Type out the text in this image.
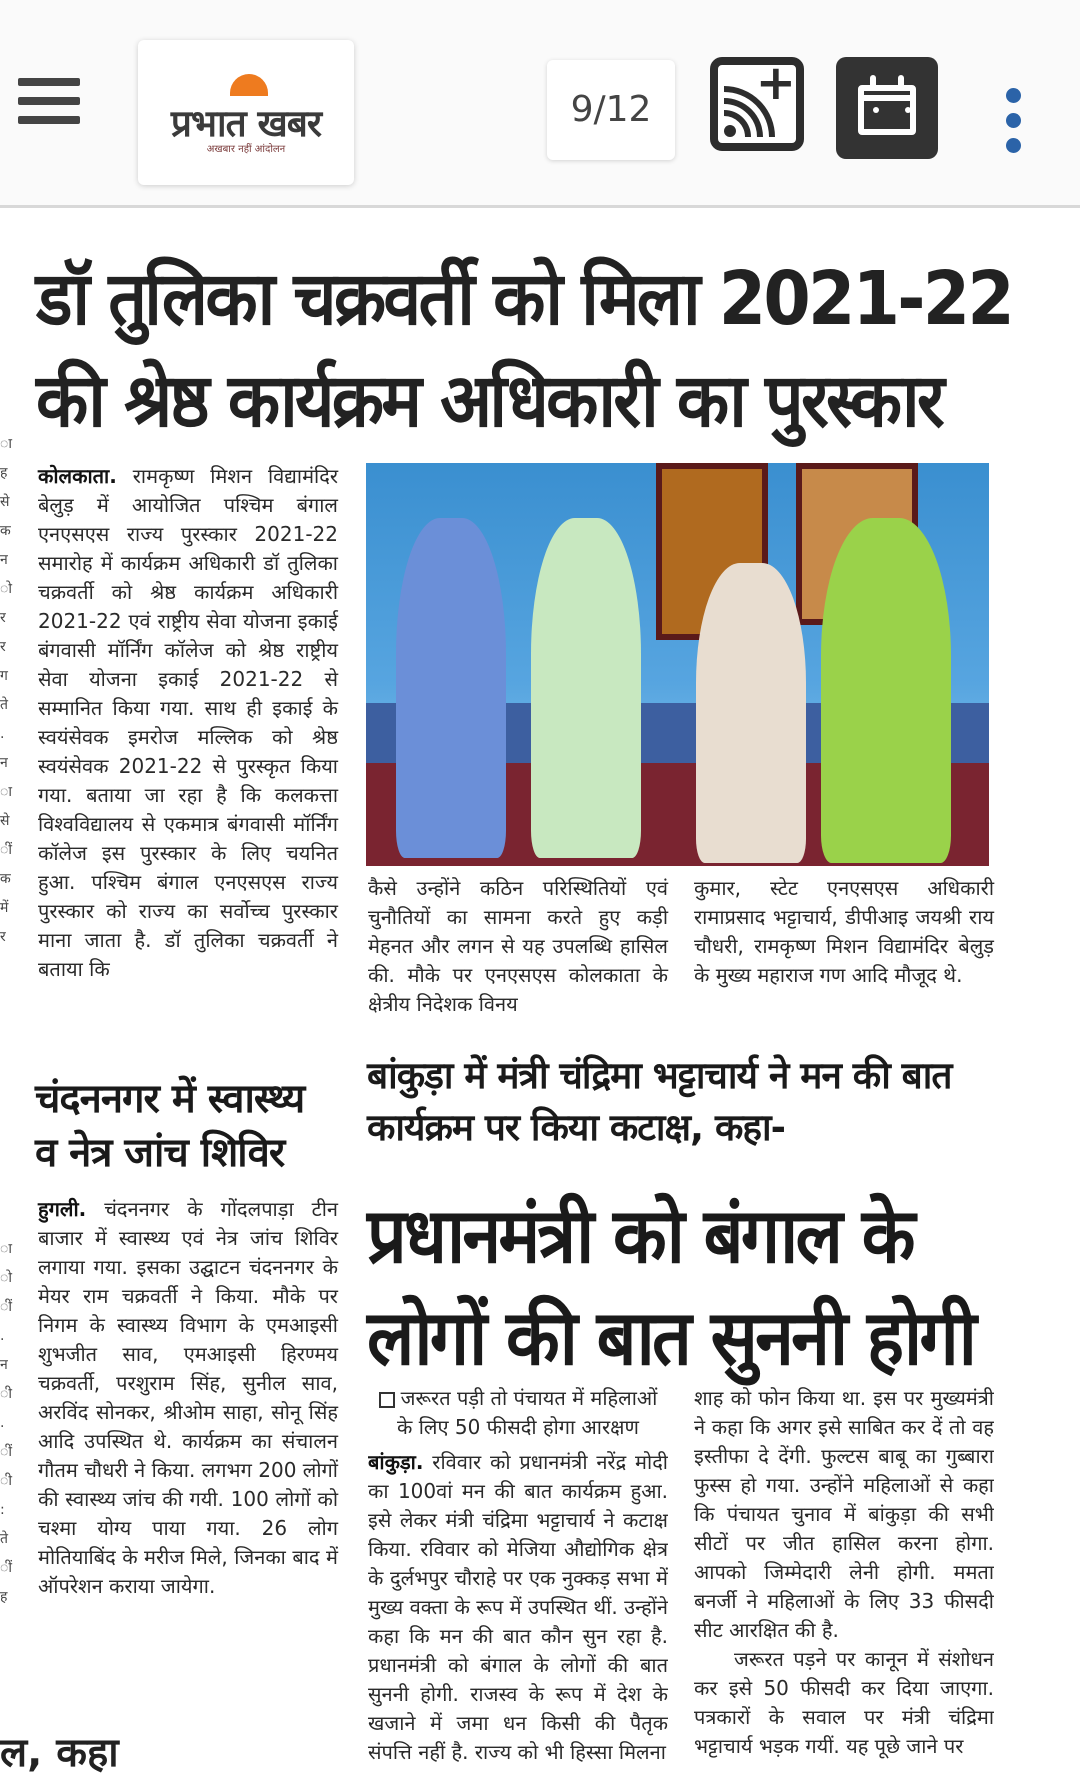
प्रभात खबर
अखबार नहीं आंदोलन
9/12	+
डॉ तुलिका चक्रवर्ती को मिला 2021-22
की श्रेष्ठ कार्यक्रम अधिकारी का पुरस्कार
ा
ह
से
क
न
ो
र
र
ग
ते
.
न
ा
से
ीं
क
में
र
ा
ो
ीं
.
न
ी
.
ीं
ी
:
ते
ीं
ह
कोलकाता. रामकृष्ण मिशन विद्यामंदिर बेलुड़ में आयोजित पश्चिम बंगाल एनएसएस राज्य पुरस्कार 2021-22 समारोह में कार्यक्रम अधिकारी डॉ तुलिका चक्रवर्ती को श्रेष्ठ कार्यक्रम अधिकारी 2021-22 एवं राष्ट्रीय सेवा योजना इकाई बंगवासी मॉर्निंग कॉलेज को श्रेष्ठ राष्ट्रीय सेवा योजना इकाई 2021-22 से सम्मानित किया गया. साथ ही इकाई के स्वयंसेवक इमरोज मल्लिक को श्रेष्ठ स्वयंसेवक 2021-22 से पुरस्कृत किया गया. बताया जा रहा है कि कलकत्ता विश्वविद्यालय से एकमात्र बंगवासी मॉर्निंग कॉलेज इस पुरस्कार के लिए चयनित हुआ. पश्चिम बंगाल एनएसएस राज्य पुरस्कार को राज्य का सर्वोच्च पुरस्कार माना जाता है. डॉ तुलिका चक्रवर्ती ने बताया कि
कैसे उन्होंने कठिन परिस्थितियों एवं चुनौतियों का सामना करते हुए कड़ी मेहनत और लगन से यह उपलब्धि हासिल की. मौके पर एनएसएस कोलकाता के क्षेत्रीय निदेशक विनय
कुमार, स्टेट एनएसएस अधिकारी रामाप्रसाद भट्टाचार्य, डीपीआइ जयश्री राय चौधरी, रामकृष्ण मिशन विद्यामंदिर बेलुड़ के मुख्य महाराज गण आदि मौजूद थे.
चंदननगर में स्वास्थ्य
व नेत्र जांच शिविर
हुगली. चंदननगर के गोंदलपाड़ा टीन बाजार में स्वास्थ्य एवं नेत्र जांच शिविर लगाया गया. इसका उद्घाटन चंदननगर के मेयर राम चक्रवर्ती ने किया. मौके पर निगम के स्वास्थ्य विभाग के एमआइसी शुभजीत साव, एमआइसी हिरण्मय चक्रवर्ती, परशुराम सिंह, सुनील साव, अरविंद सोनकर, श्रीओम साहा, सोनू सिंह आदि उपस्थित थे. कार्यक्रम का संचालन गौतम चौधरी ने किया. लगभग 200 लोगों की स्वास्थ्य जांच की गयी. 100 लोगों को चश्मा योग्य पाया गया. 26 लोग मोतियाबिंद के मरीज मिले, जिनका बाद में ऑपरेशन कराया जायेगा.
बांकुड़ा में मंत्री चंद्रिमा भट्टाचार्य ने मन की बात
कार्यक्रम पर किया कटाक्ष, कहा-
प्रधानमंत्री को बंगाल के
लोगों की बात सुननी होगी
जरूरत पड़ी तो पंचायत में महिलाओं के लिए 50 फीसदी होगा आरक्षण
बांकुड़ा. रविवार को प्रधानमंत्री नरेंद्र मोदी का 100वां मन की बात कार्यक्रम हुआ. इसे लेकर मंत्री चंद्रिमा भट्टाचार्य ने कटाक्ष किया. रविवार को मेजिया औद्योगिक क्षेत्र के दुर्लभपुर चौराहे पर एक नुक्कड़ सभा में मुख्य वक्ता के रूप में उपस्थित थीं. उन्होंने कहा कि मन की बात कौन सुन रहा है. प्रधानमंत्री को बंगाल के लोगों की बात सुननी होगी. राजस्व के रूप में देश के खजाने में जमा धन किसी की पैतृक संपत्ति नहीं है. राज्य को भी हिस्सा मिलना
शाह को फोन किया था. इस पर मुख्यमंत्री ने कहा कि अगर इसे साबित कर दें तो वह इस्तीफा दे देंगी. फुल्टस बाबू का गुब्बारा फुस्स हो गया. उन्होंने महिलाओं से कहा कि पंचायत चुनाव में बांकुड़ा की सभी सीटों पर जीत हासिल करना होगा. आपको जिम्मेदारी लेनी होगी. ममता बनर्जी ने महिलाओं के लिए 33 फीसदी सीट आरक्षित की है.
जरूरत पड़ने पर कानून में संशोधन कर इसे 50 फीसदी कर दिया जाएगा. पत्रकारों के सवाल पर मंत्री चंद्रिमा भट्टाचार्य भड़क गयीं. यह पूछे जाने पर
ल, कहा
